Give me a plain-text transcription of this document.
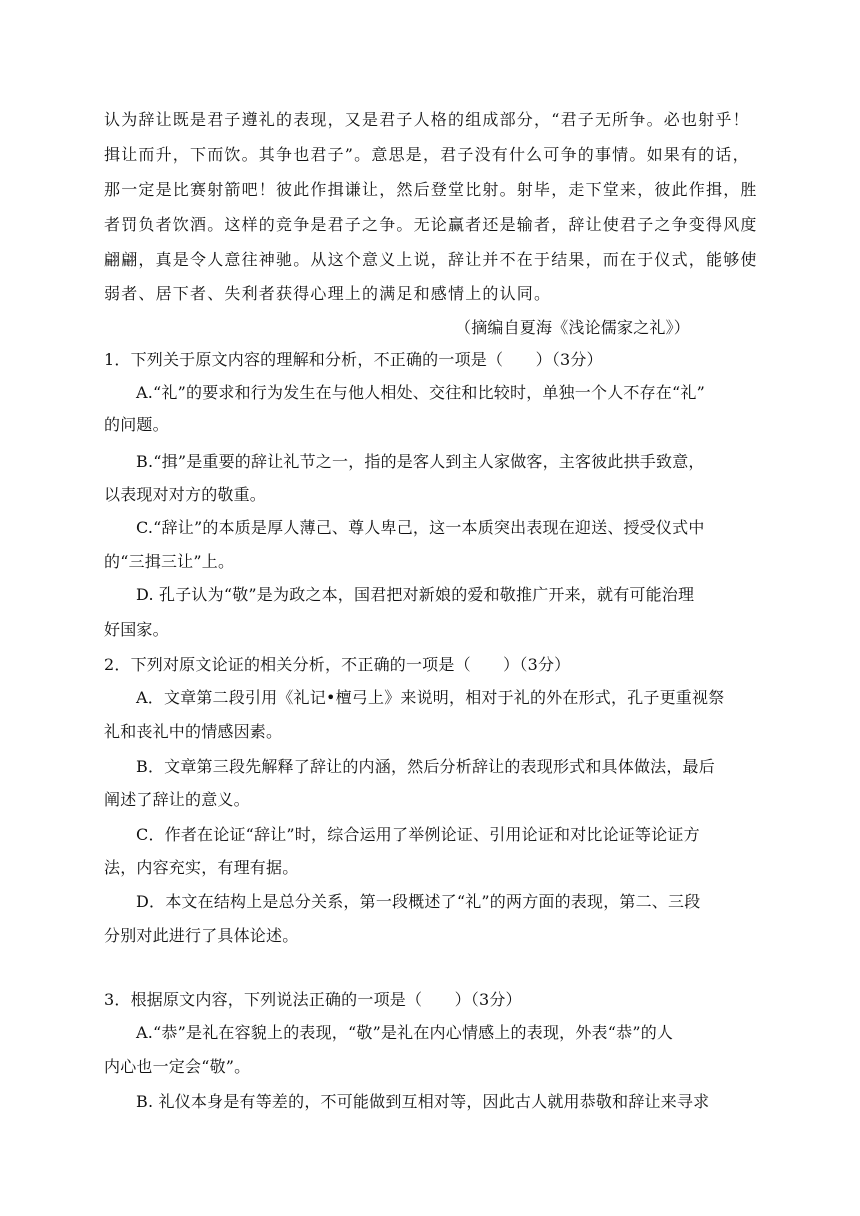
认为辞让既是君子遵礼的表现，又是君子人格的组成部分，“君子无所争。必也射乎！
揖让而升，下而饮。其争也君子”。意思是，君子没有什么可争的事情。如果有的话，
那一定是比赛射箭吧！彼此作揖谦让，然后登堂比射。射毕，走下堂来，彼此作揖，胜
者罚负者饮酒。这样的竞争是君子之争。无论赢者还是输者，辞让使君子之争变得风度
翩翩，真是令人意往神驰。从这个意义上说，辞让并不在于结果，而在于仪式，能够使
弱者、居下者、失利者获得心理上的满足和感情上的认同。
（摘编自夏海《浅论儒家之礼》）
1．下列关于原文内容的理解和分析，不正确的一项是（　　）（3分）
A.“礼”的要求和行为发生在与他人相处、交往和比较时，单独一个人不存在“礼”
的问题。
B.“揖”是重要的辞让礼节之一，指的是客人到主人家做客，主客彼此拱手致意，
以表现对对方的敬重。
C.“辞让”的本质是厚人薄己、尊人卑己，这一本质突出表现在迎送、授受仪式中
的“三揖三让”上。
D. 孔子认为“敬”是为政之本，国君把对新娘的爱和敬推广开来，就有可能治理
好国家。
2．下列对原文论证的相关分析，不正确的一项是（　　）（3分）
A．文章第二段引用《礼记•檀弓上》来说明，相对于礼的外在形式，孔子更重视祭
礼和丧礼中的情感因素。
B．文章第三段先解释了辞让的内涵，然后分析辞让的表现形式和具体做法，最后
阐述了辞让的意义。
C．作者在论证“辞让”时，综合运用了举例论证、引用论证和对比论证等论证方
法，内容充实，有理有据。
D．本文在结构上是总分关系，第一段概述了“礼”的两方面的表现，第二、三段
分别对此进行了具体论述。
3．根据原文内容，下列说法正确的一项是（　　）（3分）
A.“恭”是礼在容貌上的表现，“敬”是礼在内心情感上的表现，外表“恭”的人
内心也一定会“敬”。
B. 礼仪本身是有等差的，不可能做到互相对等，因此古人就用恭敬和辞让来寻求
